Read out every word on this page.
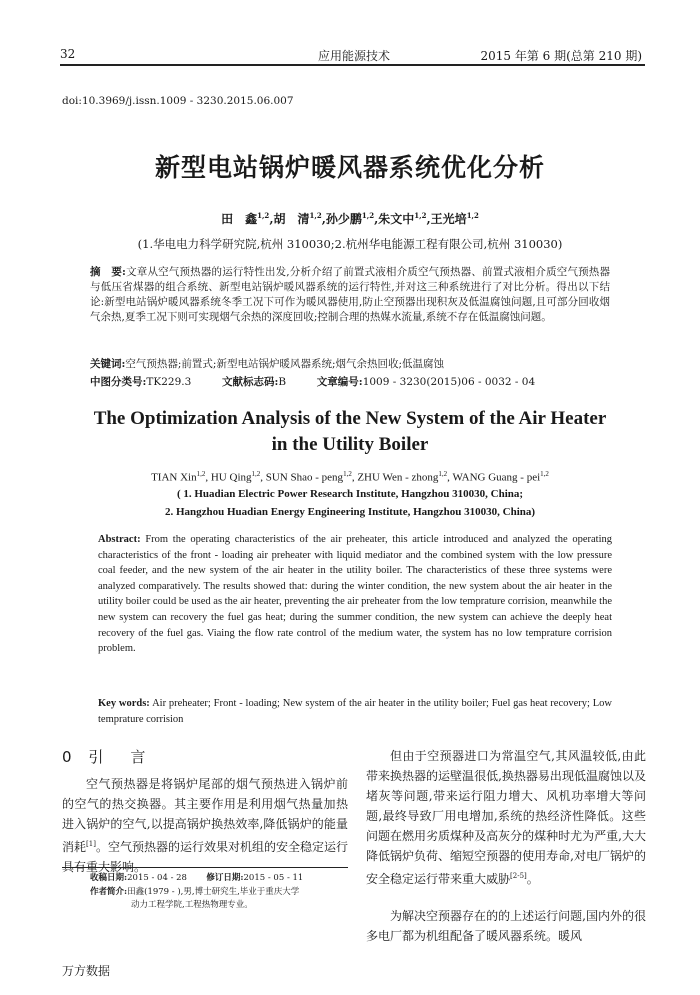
32	应用能源技术	2015 年第 6 期(总第 210 期)
doi:10.3969/j.issn.1009 - 3230.2015.06.007
新型电站锅炉暖风器系统优化分析
田　鑫$^{1,2}$,胡　清$^{1,2}$,孙少鹏$^{1,2}$,朱文中$^{1,2}$,王光培$^{1,2}$
(1.华电电力科学研究院,杭州 310030;2.杭州华电能源工程有限公司,杭州 310030)
摘　要:文章从空气预热器的运行特性出发,分析介绍了前置式液相介质空气预热器、前置式液相介质空气预热器与低压省煤器的组合系统、新型电站锅炉暖风器系统的运行特性,并对这三种系统进行了对比分析。得出以下结论:新型电站锅炉暖风器系统冬季工况下可作为暖风器使用,防止空预器出现积灰及低温腐蚀问题,且可部分回收烟气余热,夏季工况下则可实现烟气余热的深度回收;控制合理的热媒水流量,系统不存在低温腐蚀问题。
关键词:空气预热器;前置式;新型电站锅炉暖风器系统;烟气余热回收;低温腐蚀
中图分类号:TK229.3	文献标志码:B	文章编号:1009 - 3230(2015)06 - 0032 - 04
The Optimization Analysis of the New System of the Air Heater
in the Utility Boiler
TIAN Xin$^{1,2}$, HU Qing$^{1,2}$, SUN Shao - peng$^{1,2}$, ZHU Wen - zhong$^{1,2}$, WANG Guang - pei$^{1,2}$
( 1. Huadian Electric Power Research Institute, Hangzhou 310030, China;
2. Hangzhou Huadian Energy Engineering Institute, Hangzhou 310030, China)
Abstract: From the operating characteristics of the air preheater, this article introduced and analyzed the operating characteristics of the front - loading air preheater with liquid mediator and the combined system with the low pressure coal feeder, and the new system of the air heater in the utility boiler. The characteristics of these three systems were analyzed comparatively. The results showed that: during the winter condition, the new system about the air heater in the utility boiler could be used as the air heater, preventing the air preheater from the low temprature corrision, meanwhile the new system can recovery the fuel gas heat; during the summer condition, the new system can achieve the deeply heat recovery of the fuel gas. Viaing the flow rate control of the medium water, the system has no low temprature corrision problem.
Key words: Air preheater; Front - loading; New system of the air heater in the utility boiler; Fuel gas heat recovery; Low temprature corrision
0 引　言
空气预热器是将锅炉尾部的烟气预热进入锅炉前的空气的热交换器。其主要作用是利用烟气热量加热进入锅炉的空气,以提高锅炉换热效率,降低锅炉的能量消耗[1]。空气预热器的运行效果对机组的安全稳定运行具有重大影响。
但由于空预器进口为常温空气,其风温较低,由此带来换热器的运壁温很低,换热器易出现低温腐蚀以及堵灰等问题,带来运行阻力增大、风机功率增大等问题,最终导致厂用电增加,系统的热经济性降低。这些问题在燃用劣质煤种及高灰分的煤种时尤为严重,大大降低锅炉负荷、缩短空预器的使用寿命,对电厂锅炉的安全稳定运行带来重大威胁[2-5]。
为解决空预器存在的的上述运行问题,国内外的很多电厂都为机组配备了暖风器系统。暖风
收稿日期:2015 - 04 - 28 修订日期:2015 - 05 - 11
作者简介:田鑫(1979 - ),男,博士研究生,毕业于重庆大学
动力工程学院,工程热物理专业。
万方数据
